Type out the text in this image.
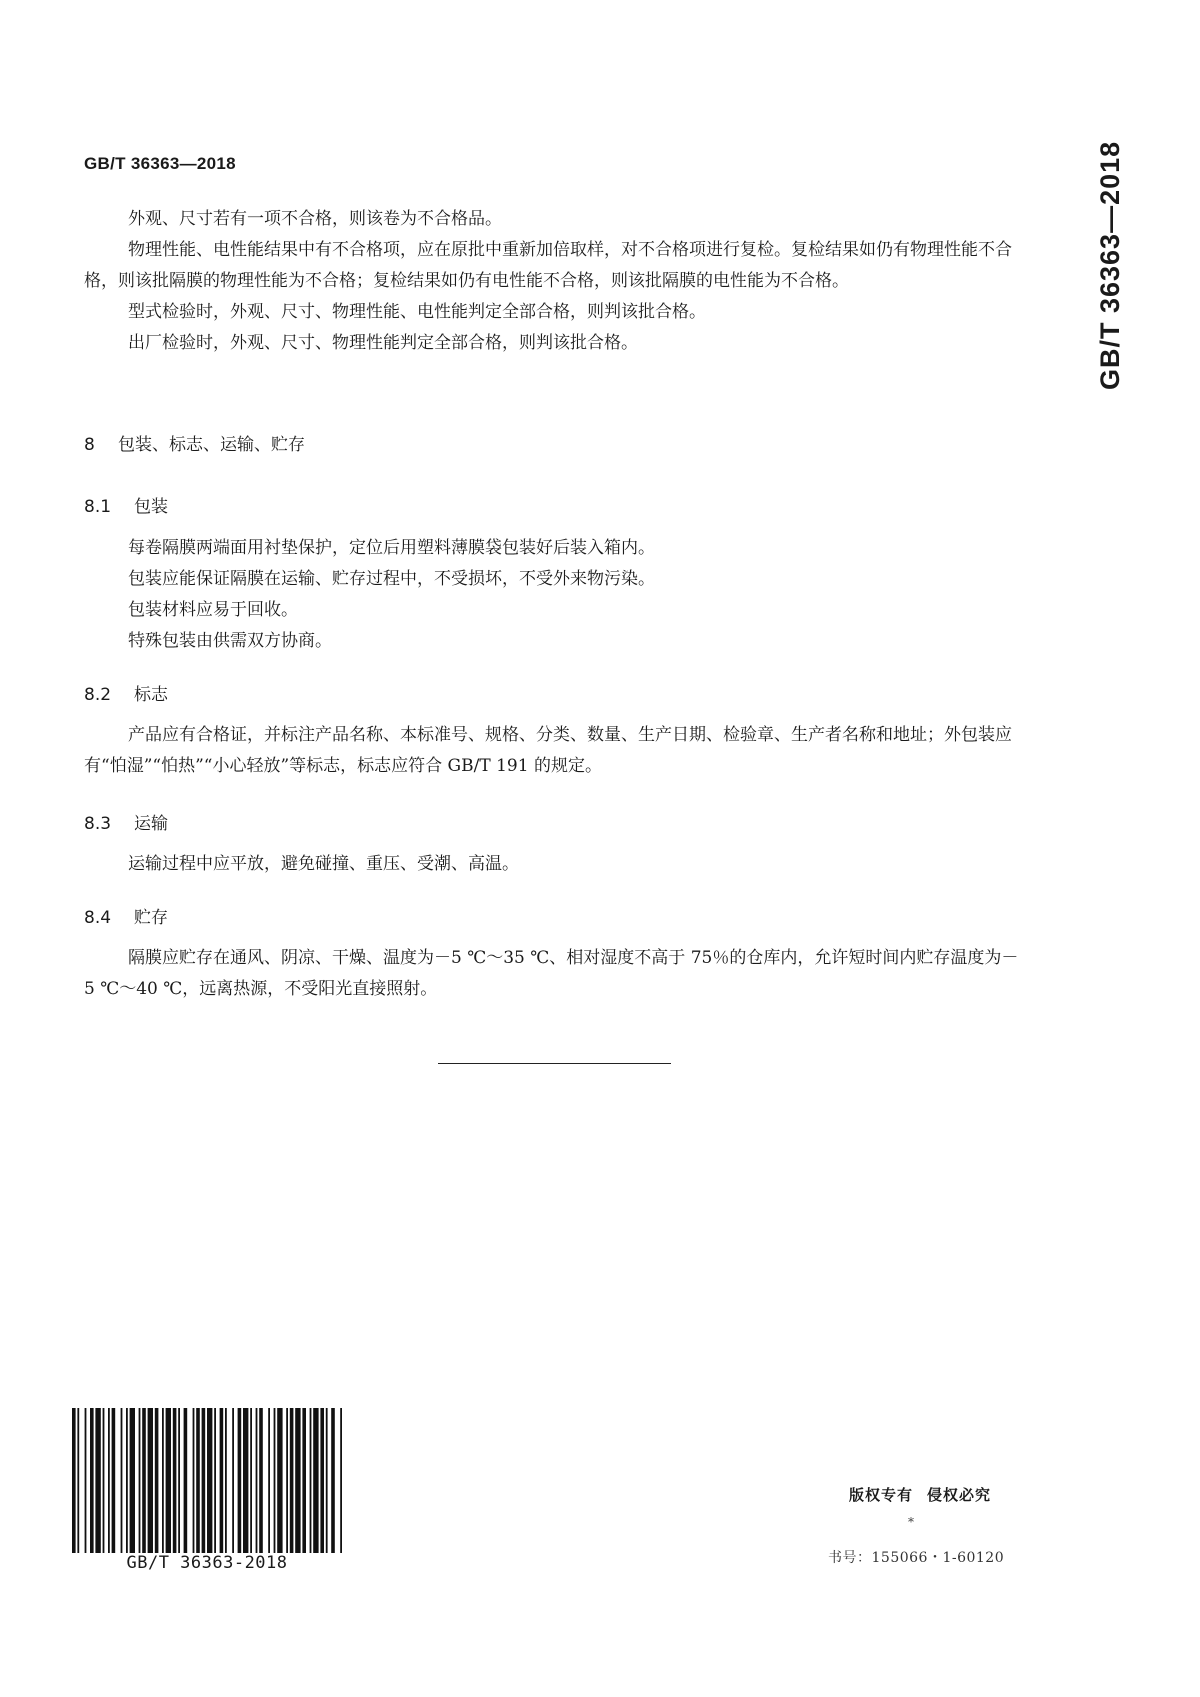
GB/T 36363—2018	GB/T 36363—2018

外观、尺寸若有一项不合格，则该卷为不合格品。

物理性能、电性能结果中有不合格项，应在原批中重新加倍取样，对不合格项进行复检。复检结果如仍有物理性能不合格，则该批隔膜的物理性能为不合格；复检结果如仍有电性能不合格，则该批隔膜的电性能为不合格。

型式检验时，外观、尺寸、物理性能、电性能判定全部合格，则判该批合格。

出厂检验时，外观、尺寸、物理性能判定全部合格，则判该批合格。

8 包装、标志、运输、贮存
8.1 包装

每卷隔膜两端面用衬垫保护，定位后用塑料薄膜袋包装好后装入箱内。

包装应能保证隔膜在运输、贮存过程中，不受损坏，不受外来物污染。

包装材料应易于回收。

特殊包装由供需双方协商。

8.2 标志

产品应有合格证，并标注产品名称、本标准号、规格、分类、数量、生产日期、检验章、生产者名称和地址；外包装应有“怕湿”“怕热”“小心轻放”等标志，标志应符合 GB/T 191 的规定。

8.3 运输

运输过程中应平放，避免碰撞、重压、受潮、高温。

8.4 贮存

隔膜应贮存在通风、阴凉、干燥、温度为－5 ℃～35 ℃、相对湿度不高于 75％的仓库内，允许短时间内贮存温度为－5 ℃～40 ℃，远离热源，不受阳光直接照射。

GB/T 36363-2018
版权专有 侵权必究
*
书号：155066・1-60120
